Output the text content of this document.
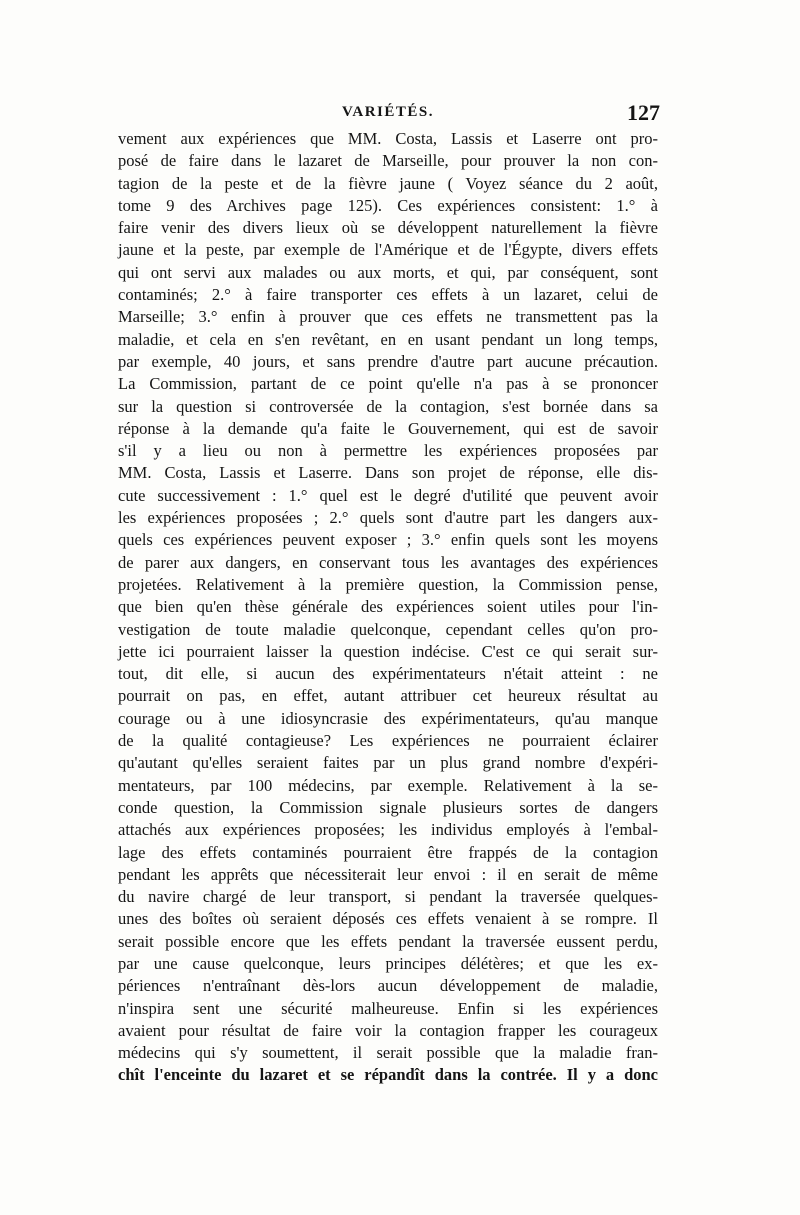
VARIÉTÉS.	127
vement aux expériences que MM. Costa, Lassis et Laserre ont pro-
posé de faire dans le lazaret de Marseille, pour prouver la non con-
tagion de la peste et de la fièvre jaune ( Voyez séance du 2 août,
tome 9 des Archives page 125). Ces expériences consistent: 1.° à
faire venir des divers lieux où se développent naturellement la fièvre
jaune et la peste, par exemple de l'Amérique et de l'Égypte, divers effets
qui ont servi aux malades ou aux morts, et qui, par conséquent, sont
contaminés; 2.° à faire transporter ces effets à un lazaret, celui de
Marseille; 3.° enfin à prouver que ces effets ne transmettent pas la
maladie, et cela en s'en revêtant, en en usant pendant un long temps,
par exemple, 40 jours, et sans prendre d'autre part aucune précaution.
La Commission, partant de ce point qu'elle n'a pas à se prononcer
sur la question si controversée de la contagion, s'est bornée dans sa
réponse à la demande qu'a faite le Gouvernement, qui est de savoir
s'il y a lieu ou non à permettre les expériences proposées par
MM. Costa, Lassis et Laserre. Dans son projet de réponse, elle dis-
cute successivement : 1.° quel est le degré d'utilité que peuvent avoir
les expériences proposées ; 2.° quels sont d'autre part les dangers aux-
quels ces expériences peuvent exposer ; 3.° enfin quels sont les moyens
de parer aux dangers, en conservant tous les avantages des expériences
projetées. Relativement à la première question, la Commission pense,
que bien qu'en thèse générale des expériences soient utiles pour l'in-
vestigation de toute maladie quelconque, cependant celles qu'on pro-
jette ici pourraient laisser la question indécise. C'est ce qui serait sur-
tout, dit elle, si aucun des expérimentateurs n'était atteint : ne
pourrait on pas, en effet, autant attribuer cet heureux résultat au
courage ou à une idiosyncrasie des expérimentateurs, qu'au manque
de la qualité contagieuse? Les expériences ne pourraient éclairer
qu'autant qu'elles seraient faites par un plus grand nombre d'expéri-
mentateurs, par 100 médecins, par exemple. Relativement à la se-
conde question, la Commission signale plusieurs sortes de dangers
attachés aux expériences proposées; les individus employés à l'embal-
lage des effets contaminés pourraient être frappés de la contagion
pendant les apprêts que nécessiterait leur envoi : il en serait de même
du navire chargé de leur transport, si pendant la traversée quelques-
unes des boîtes où seraient déposés ces effets venaient à se rompre. Il
serait possible encore que les effets pendant la traversée eussent perdu,
par une cause quelconque, leurs principes délétères; et que les ex-
périences n'entraînant dès-lors aucun développement de maladie,
n'inspira sent une sécurité malheureuse. Enfin si les expériences
avaient pour résultat de faire voir la contagion frapper les courageux
médecins qui s'y soumettent, il serait possible que la maladie fran-
chît l'enceinte du lazaret et se répandît dans la contrée. Il y a donc
